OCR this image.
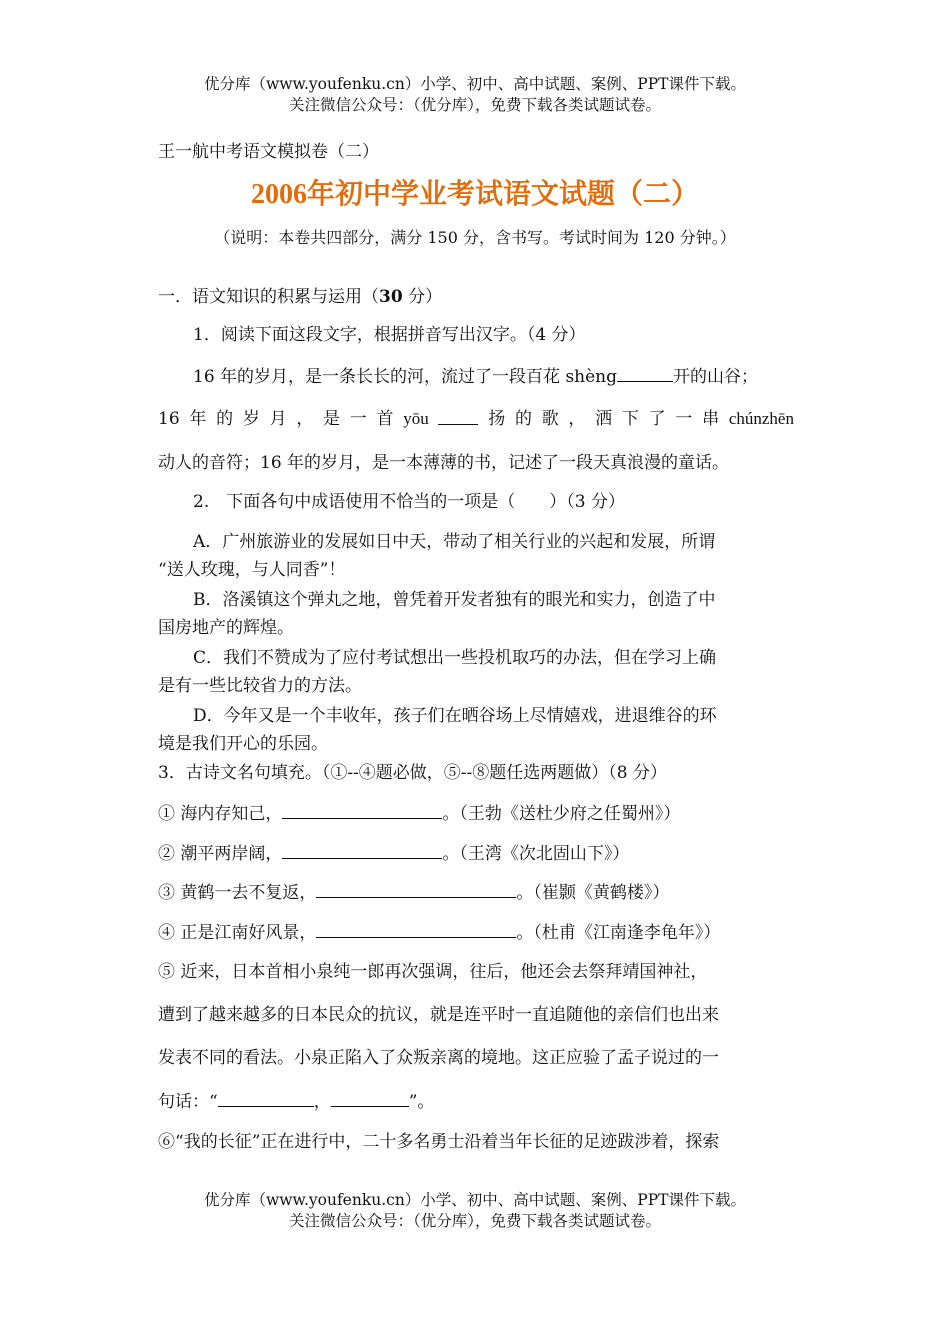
优分库（www.youfenku.cn）小学、初中、高中试题、案例、PPT课件下载。
关注微信公众号：（优分库），免费下载各类试题试卷。
王一航中考语文模拟卷（二）
2006年初中学业考试语文试题（二）
（说明：本卷共四部分，满分 150 分，含书写。考试时间为 120 分钟。）
一．语文知识的积累与运用（30 分）
1．阅读下面这段文字，根据拼音写出汉字。（4 分）
16 年的岁月，是一条长长的河，流过了一段百花 shèng	开的山谷；
16 年 的 岁 月 ， 是 一 首 yōu	扬 的 歌 ， 洒 下 了 一 串 chúnzhēn
动人的音符；16 年的岁月，是一本薄薄的书，记述了一段天真浪漫的童话。
2.　下面各句中成语使用不恰当的一项是（　　）（3 分）
A．广州旅游业的发展如日中天，带动了相关行业的兴起和发展，所谓
“送人玫瑰，与人同香”！
B．洛溪镇这个弹丸之地，曾凭着开发者独有的眼光和实力，创造了中
国房地产的辉煌。
C．我们不赞成为了应付考试想出一些投机取巧的办法，但在学习上确
是有一些比较省力的方法。
D．今年又是一个丰收年，孩子们在晒谷场上尽情嬉戏，进退维谷的环
境是我们开心的乐园。
3．古诗文名句填充。（①--④题必做，⑤--⑧题任选两题做）（8 分）
① 海内存知己，	。（王勃《送杜少府之任蜀州》）
② 潮平两岸阔，	。（王湾《次北固山下》）
③ 黄鹤一去不复返，	。（崔颢《黄鹤楼》）
④ 正是江南好风景，	。（杜甫《江南逢李龟年》）
⑤ 近来，日本首相小泉纯一郎再次强调，往后，他还会去祭拜靖国神社，
遭到了越来越多的日本民众的抗议，就是连平时一直追随他的亲信们也出来
发表不同的看法。小泉正陷入了众叛亲离的境地。这正应验了孟子说过的一
句话：“	，	”。
⑥“我的长征”正在进行中，二十多名勇士沿着当年长征的足迹跋涉着，探索
优分库（www.youfenku.cn）小学、初中、高中试题、案例、PPT课件下载。
关注微信公众号：（优分库），免费下载各类试题试卷。
